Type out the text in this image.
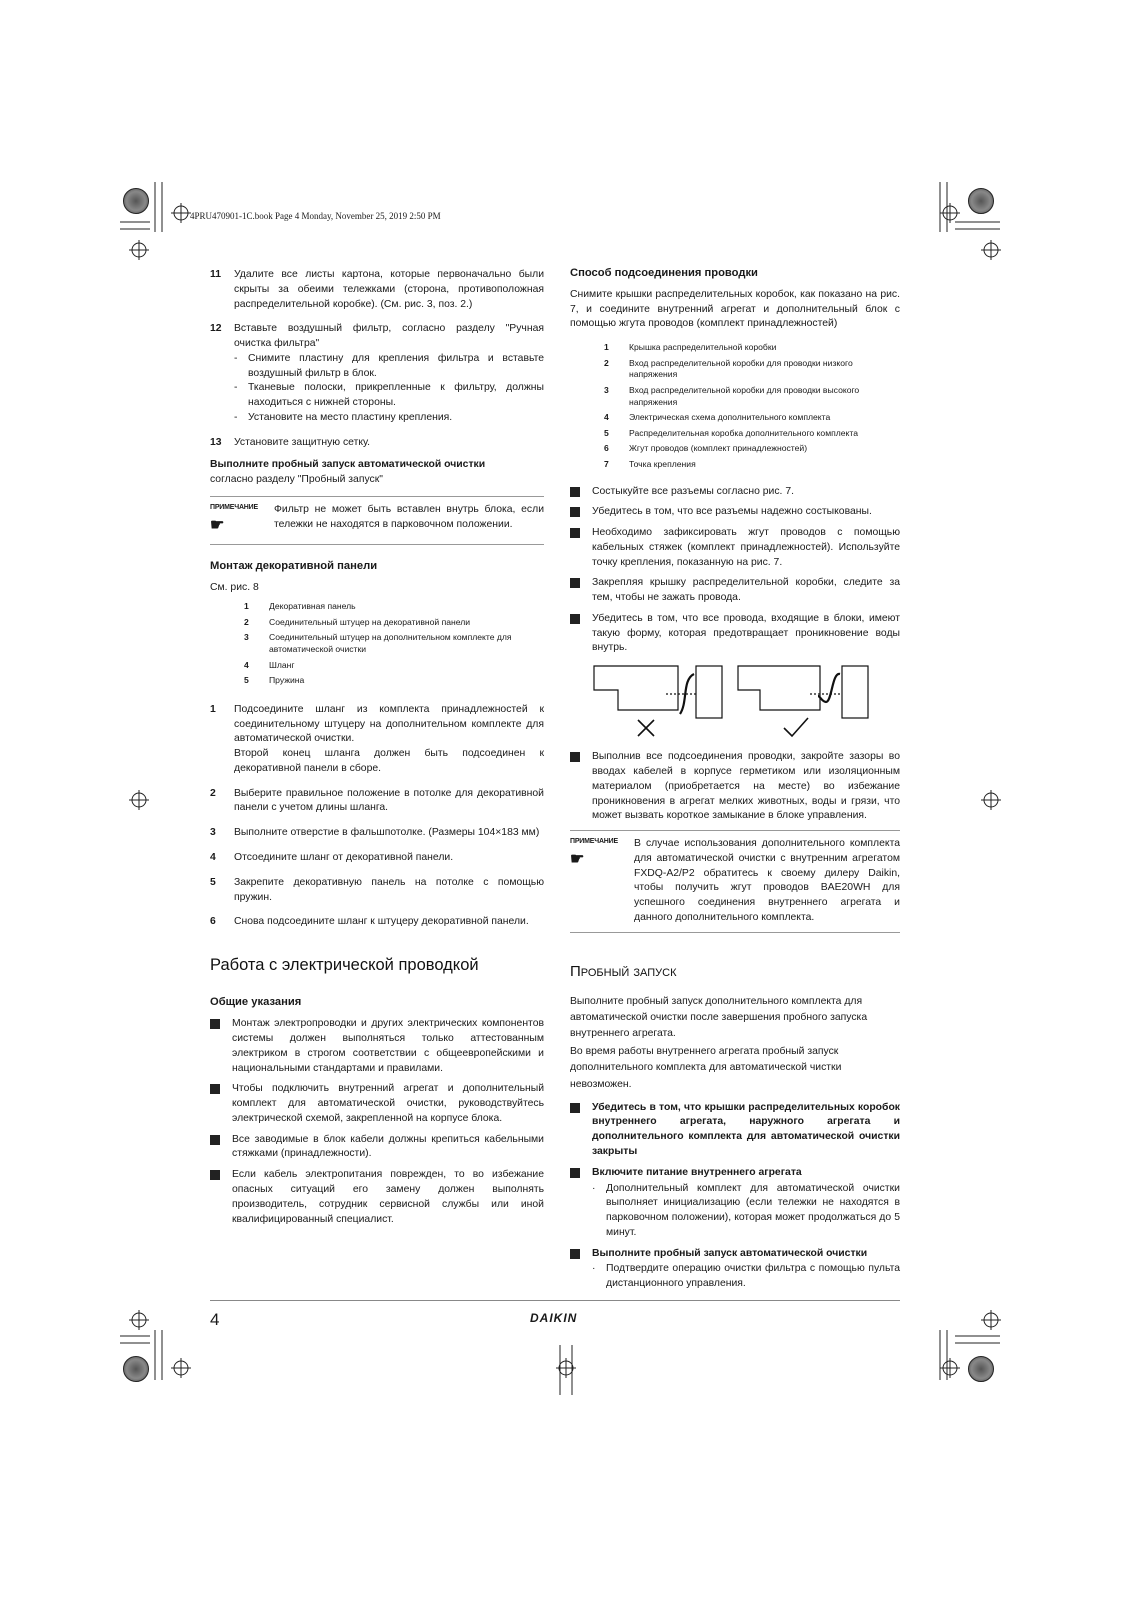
4PRU470901-1C.book Page 4 Monday, November 25, 2019 2:50 PM
11	Удалите все листы картона, которые первоначально были скрыты за обеими тележками (сторона, противоположная распределительной коробке). (См. рис. 3, поз. 2.)
12	Вставьте воздушный фильтр, согласно разделу "Ручная очистка фильтра"
-	Снимите пластину для крепления фильтра и вставьте воздушный фильтр в блок.
-	Тканевые полоски, прикрепленные к фильтру, должны находиться с нижней стороны.
-	Установите на место пластину крепления.
13	Установите защитную сетку.
Выполните пробный запуск автоматической очистки
согласно разделу "Пробный запуск"
ПРИМЕЧАНИЕ
☛
Фильтр не может быть вставлен внутрь блока, если тележки не находятся в парковочном положении.
Монтаж декоративной панели
См. рис. 8
1	Декоративная панель
2	Соединительный штуцер на декоративной панели
3	Соединительный штуцер на дополнительном комплекте для автоматической очистки
4	Шланг
5	Пружина
1	Подсоедините шланг из комплекта принадлежностей к соединительному штуцеру на дополнительном комплекте для автоматической очистки.
Второй конец шланга должен быть подсоединен к декоративной панели в сборе.
2	Выберите правильное положение в потолке для декоративной панели с учетом длины шланга.
3	Выполните отверстие в фальшпотолке. (Размеры 104×183 мм)
4	Отсоедините шланг от декоративной панели.
5	Закрепите декоративную панель на потолке с помощью пружин.
6	Снова подсоедините шланг к штуцеру декоративной панели.
Работа с электрической проводкой
Общие указания
Монтаж электропроводки и других электрических компонентов системы должен выполняться только аттестованным электриком в строгом соответствии с общеевропейскими и национальными стандартами и правилами.
Чтобы подключить внутренний агрегат и дополнительный комплект для автоматической очистки, руководствуйтесь электрической схемой, закрепленной на корпусе блока.
Все заводимые в блок кабели должны крепиться кабельными стяжками (принадлежности).
Если кабель электропитания поврежден, то во избежание опасных ситуаций его замену должен выполнять производитель, сотрудник сервисной службы или иной квалифицированный специалист.
Способ подсоединения проводки
Снимите крышки распределительных коробок, как показано на рис. 7, и соедините внутренний агрегат и дополнительный блок с помощью жгута проводов (комплект принадлежностей)
1	Крышка распределительной коробки
2	Вход распределительной коробки для проводки низкого напряжения
3	Вход распределительной коробки для проводки высокого напряжения
4	Электрическая схема дополнительного комплекта
5	Распределительная коробка дополнительного комплекта
6	Жгут проводов (комплект принадлежностей)
7	Точка крепления
Состыкуйте все разъемы согласно рис. 7.
Убедитесь в том, что все разъемы надежно состыкованы.
Необходимо зафиксировать жгут проводов с помощью кабельных стяжек (комплект принадлежностей). Используйте точку крепления, показанную на рис. 7.
Закрепляя крышку распределительной коробки, следите за тем, чтобы не зажать провода.
Убедитесь в том, что все провода, входящие в блоки, имеют такую форму, которая предотвращает проникновение воды внутрь.
Выполнив все подсоединения проводки, закройте зазоры во вводах кабелей в корпусе герметиком или изоляционным материалом (приобретается на месте) во избежание проникновения в агрегат мелких животных, воды и грязи, что может вызвать короткое замыкание в блоке управления.
ПРИМЕЧАНИЕ
☛
В случае использования дополнительного комплекта для автоматической очистки с внутренним агрегатом FXDQ-A2/P2 обратитесь к своему дилеру Daikin, чтобы получить жгут проводов BAE20WH для успешного соединения внутреннего агрегата и данного дополнительного комплекта.
Пробный запуск
Выполните пробный запуск дополнительного комплекта для автоматической очистки после завершения пробного запуска внутреннего агрегата.
Во время работы внутреннего агрегата пробный запуск дополнительного комплекта для автоматической чистки невозможен.
Убедитесь в том, что крышки распределительных коробок внутреннего агрегата, наружного агрегата и дополнительного комплекта для автоматической очистки закрыты
Включите питание внутреннего агрегата
·	Дополнительный комплект для автоматической очистки выполняет инициализацию (если тележки не находятся в парковочном положении), которая может продолжаться до 5 минут.
Выполните пробный запуск автоматической очистки
·	Подтвердите операцию очистки фильтра с помощью пульта дистанционного управления.
4	DAIKIN
